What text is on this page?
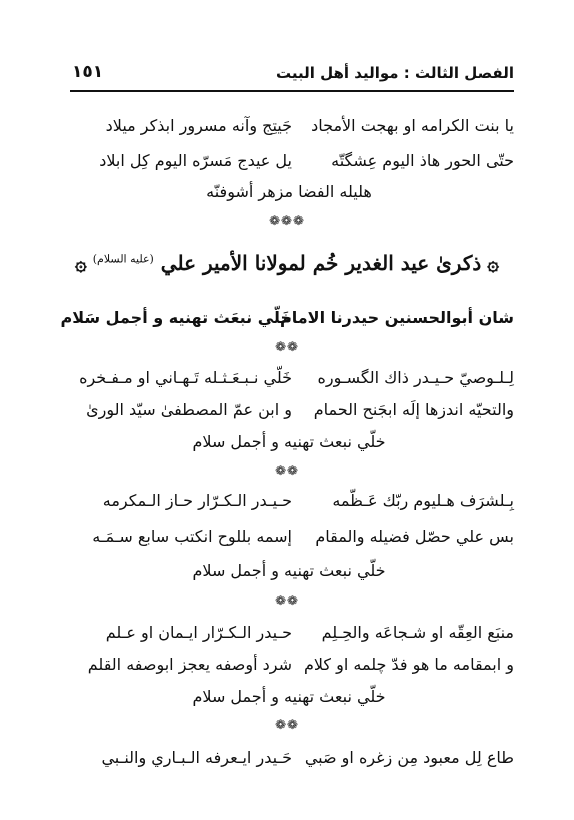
الفصل الثالث : مواليد أهل البيت
١٥١
يا بنت الكرامه او بهجت الأمجاد
جَيتِج وآنه مسرور ابذكر ميلاد
حتّى الحور هاذ اليوم عِشگتّه
يل عيدج مَسرّه اليوم كِل ابلاد
هليله الفضا مزهر أشوفنّه
❁❁❁
۞ذكرىٰ عيد الغدير خُم لمولانا الأمير علي $^{(عليه السلام)}$۞
شان أبوالحسنين حيدرنا الامام
خَلّي نبعَث تهنيه و أجمل سَلام
❁❁
لِـلـوصيّ حـيـدر ذاك الگسـوره
خَلّي نـبـعَـثـله تَـهـاني او مـفـخره
والتحيّه اندزها إلَه ابجَنح الحمام
و ابن عمّ المصطفىٰ سيّد الورىٰ
خلّي نبعث تهنيه و أجمل سلام
❁❁
بِـلشرَف هـليوم ربّك عَـظّمه
حـيـدر الـكـرّار حـاز الـمكرمه
بس علي حصّل فضيله والمقام
إسمه بللوح انكتب سابع سـمَـه
خلّي نبعث تهنيه و أجمل سلام
❁❁
منبَع العِقّه او شـجاعَه والحِـلِم
حـيدر الـكـرّار ايـمان او عـلم
و ابمقامه ما هو فدّ چلمه او كلام
شرد أوصفه يعجز ابوصفه القلم
خلّي نبعث تهنيه و أجمل سلام
❁❁
طاع لِل معبود مِن زغره او صَبي
حَـيدر ايـعرفه الـبـاري والنـبي
